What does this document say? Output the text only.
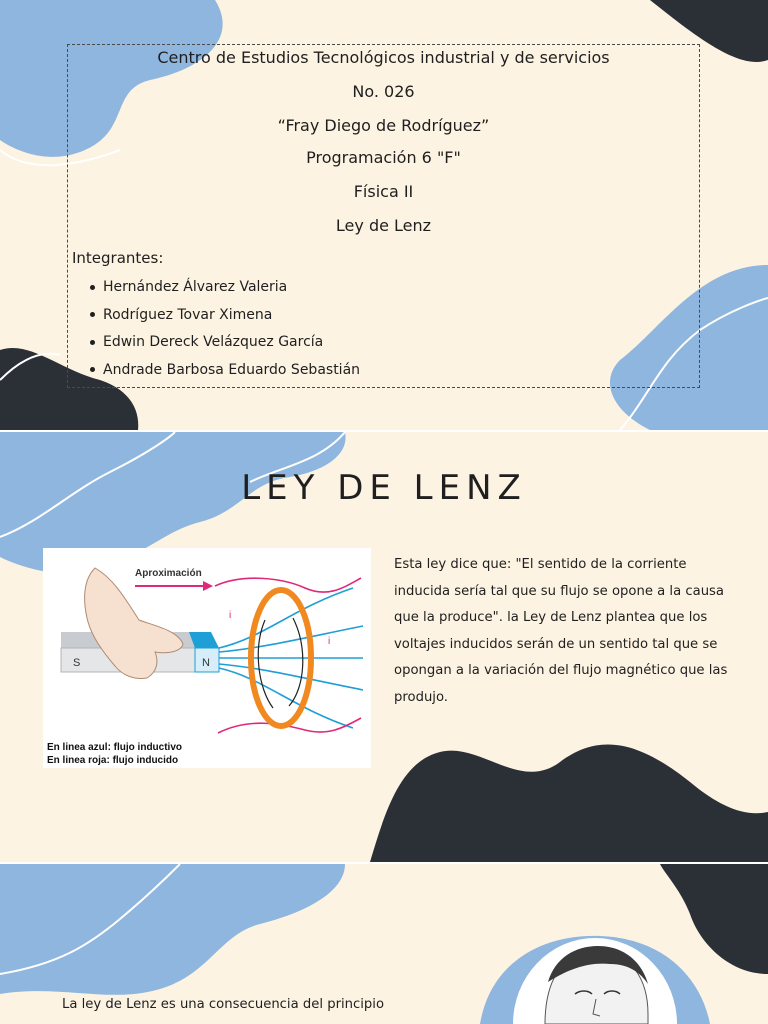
Centro de Estudios Tecnológicos industrial y de servicios
No. 026
“Fray Diego de Rodríguez”
Programación 6 "F"
Física II
Ley de Lenz
Integrantes:
Hernández Álvarez Valeria
Rodríguez Tovar Ximena
Edwin Dereck Velázquez García
Andrade Barbosa Eduardo Sebastián
LEY DE LENZ
Aproximación
S	N
i
i
En linea azul: flujo inductivo
En linea roja: flujo inducido
Esta ley dice que: "El sentido de la corriente inducida sería tal que su flujo se opone a la causa que la produce". la Ley de Lenz plantea que los voltajes inducidos serán de un sentido tal que se opongan a la variación del flujo magnético que las produjo.
La ley de Lenz es una consecuencia del principio
